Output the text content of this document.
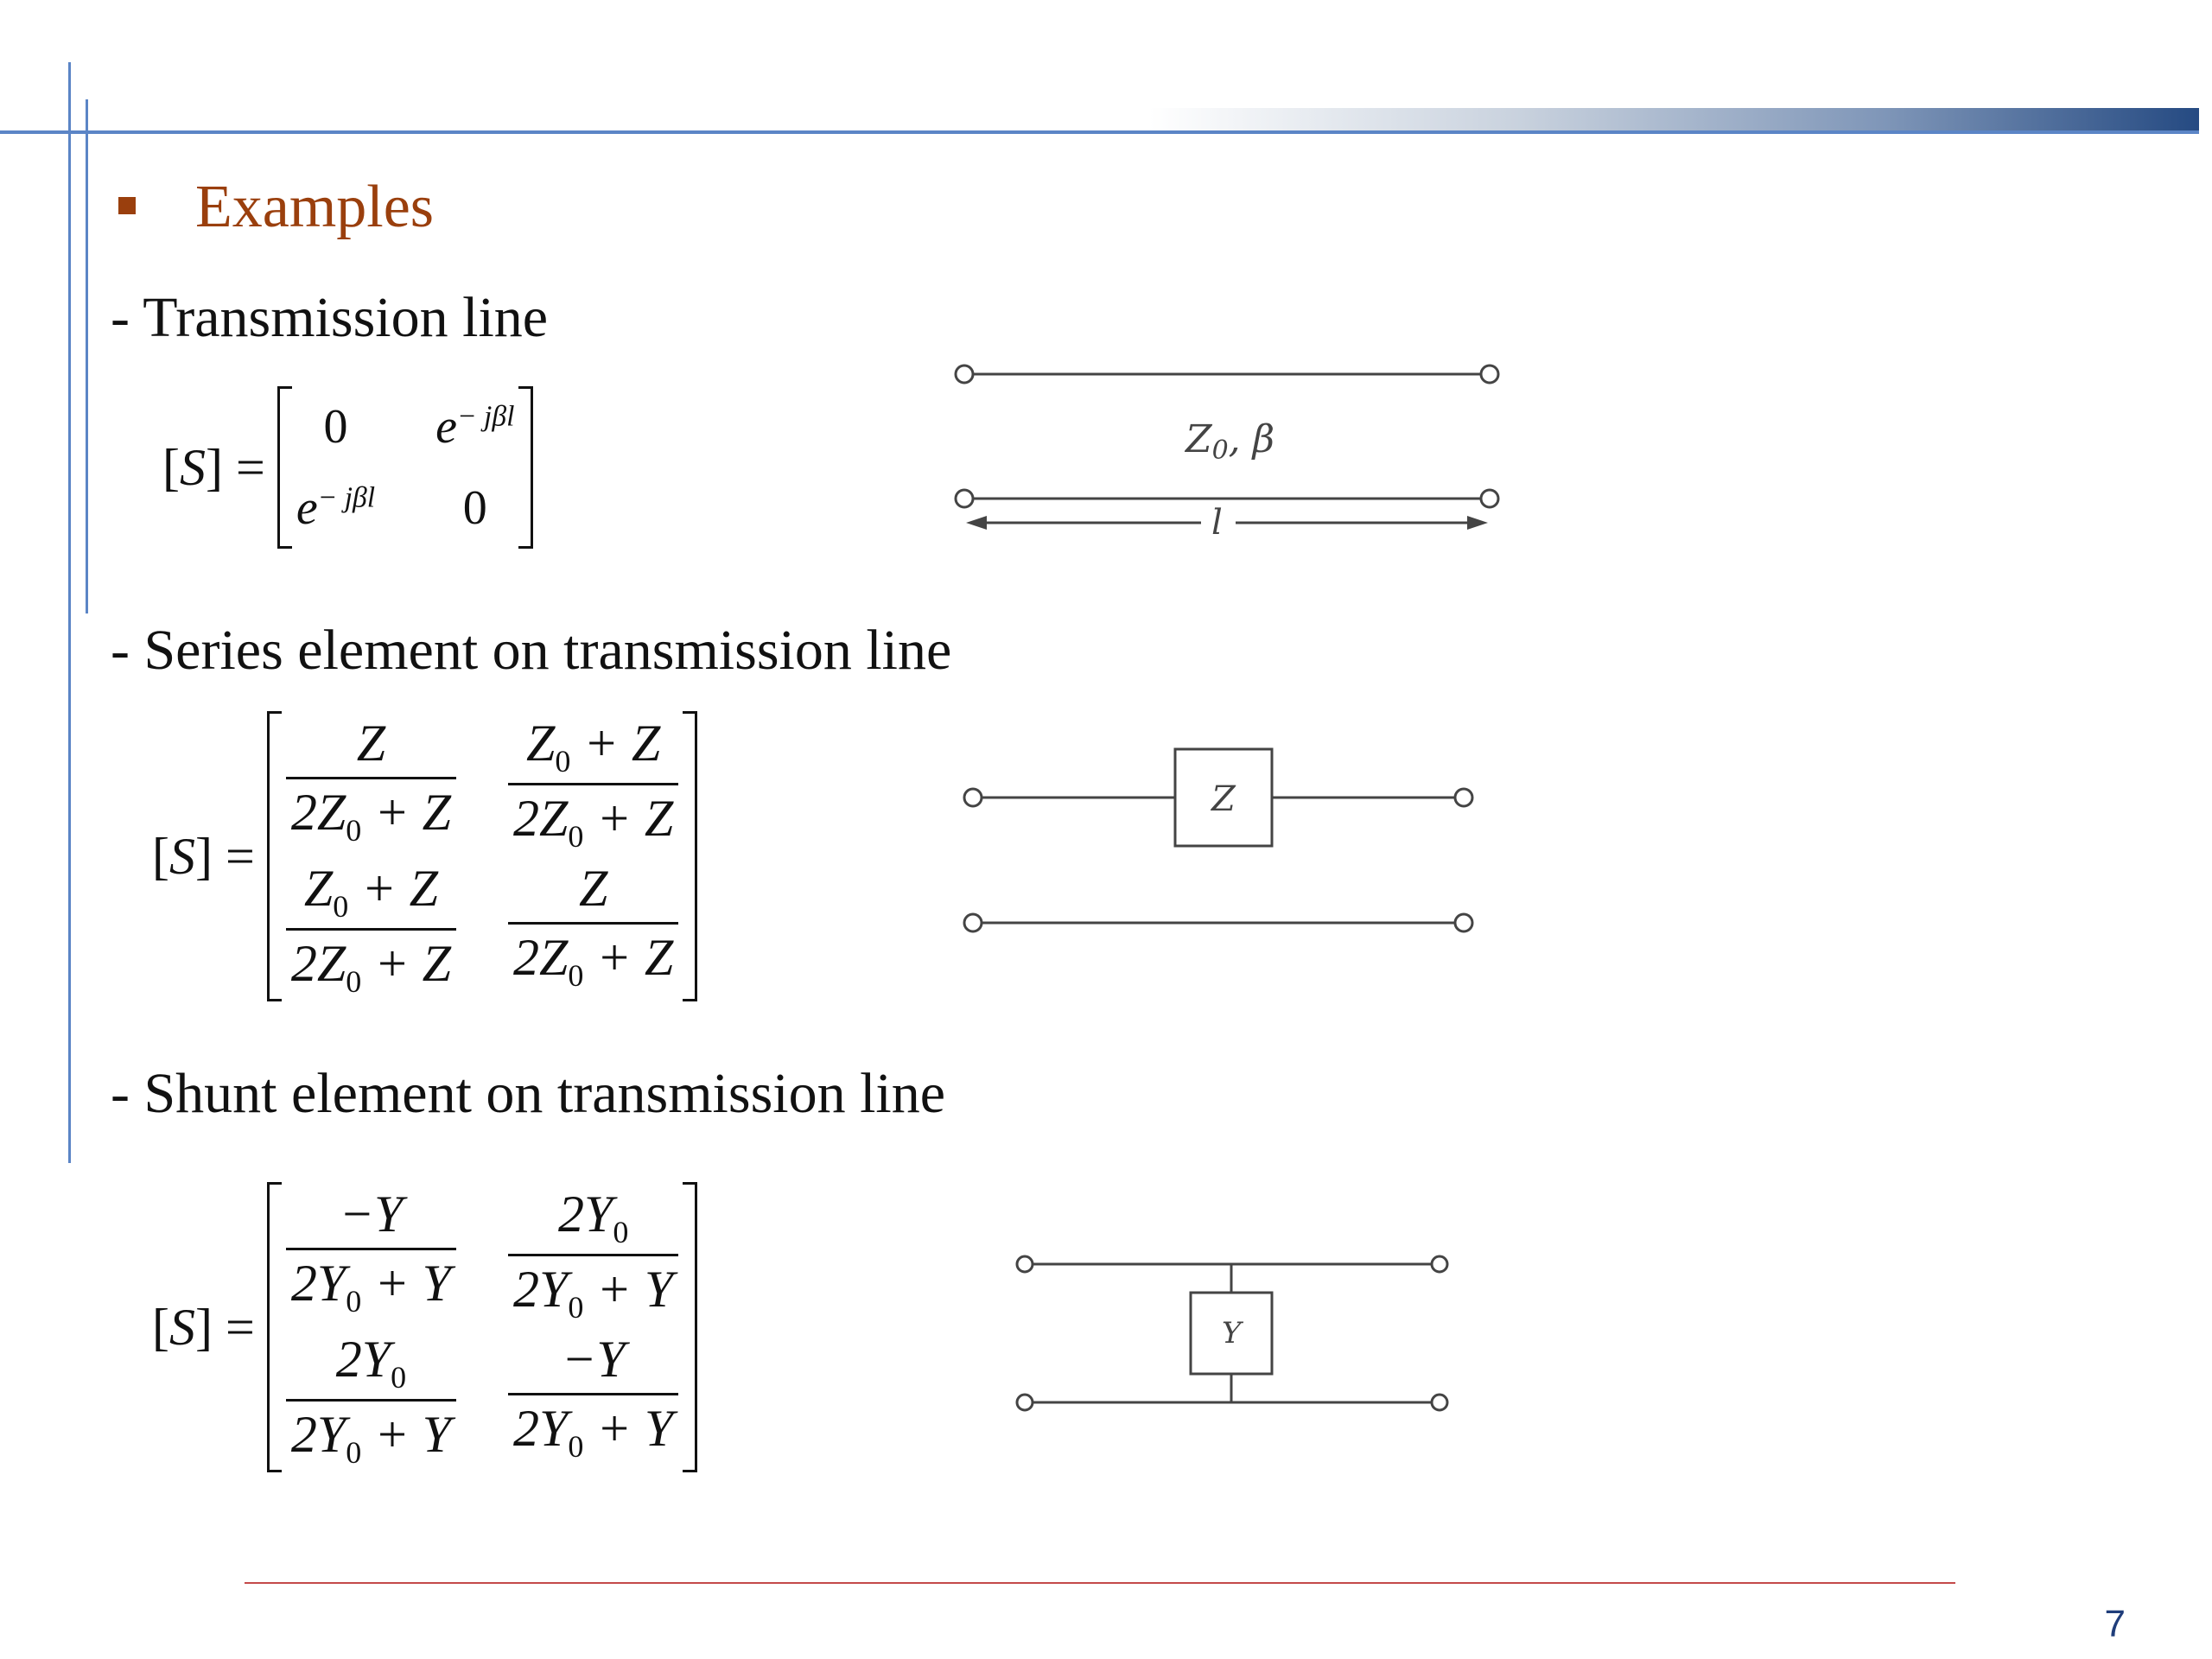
Examples
- Transmission line
[S] =
0	$e^{- j\beta l}$
$e^{- j\beta l}$	0
Z0, β
l
- Series element on transmission line
[S] =
$\frac{Z}{2Z_0 + Z} \frac{Z_0 + Z}{2Z_0 + Z}$
$\frac{Z_0 + Z}{2Z_0 + Z} \frac{Z}{2Z_0 + Z}$
Z
- Shunt element on transmission line
[S] =
$\frac{-Y}{2Y_0 + Y} \frac{2Y_0}{2Y_0 + Y}$
$\frac{2Y_0}{2Y_0 + Y} \frac{-Y}{2Y_0 + Y}$	Y
7
